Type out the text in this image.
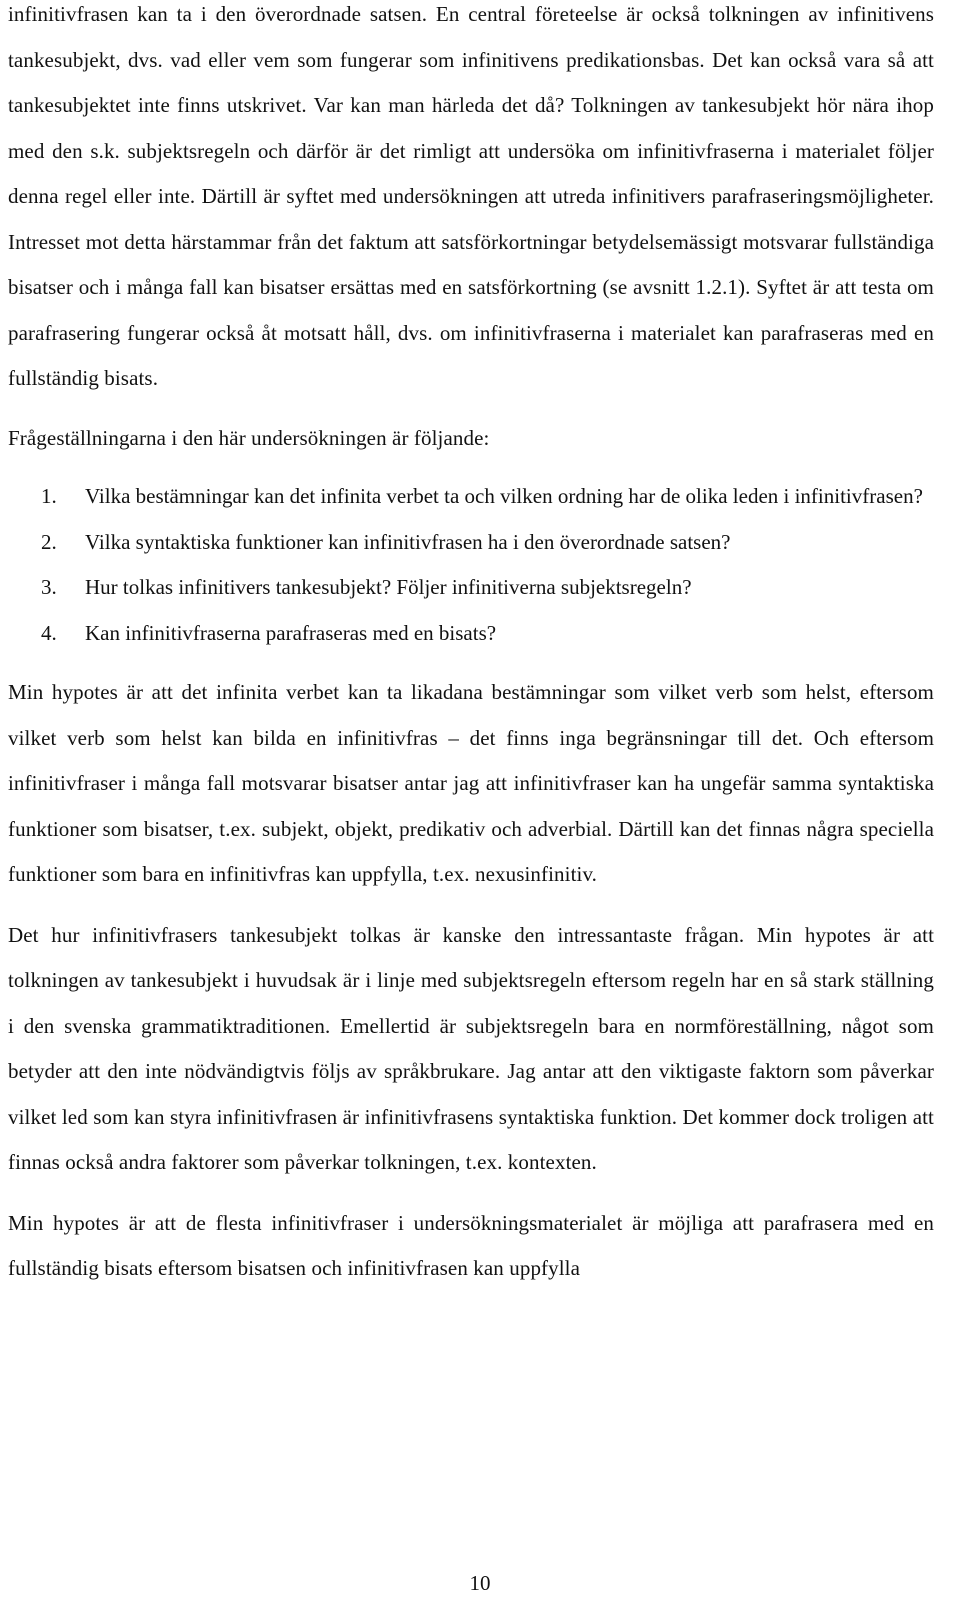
infinitivfrasen kan ta i den överordnade satsen. En central företeelse är också tolkningen av infinitivens tankesubjekt, dvs. vad eller vem som fungerar som infinitivens predikationsbas. Det kan också vara så att tankesubjektet inte finns utskrivet. Var kan man härleda det då? Tolkningen av tankesubjekt hör nära ihop med den s.k. subjektsregeln och därför är det rimligt att undersöka om infinitivfraserna i materialet följer denna regel eller inte. Därtill är syftet med undersökningen att utreda infinitivers parafraseringsmöjligheter. Intresset mot detta härstammar från det faktum att satsförkortningar betydelsemässigt motsvarar fullständiga bisatser och i många fall kan bisatser ersättas med en satsförkortning (se avsnitt 1.2.1). Syftet är att testa om parafrasering fungerar också åt motsatt håll, dvs. om infinitivfraserna i materialet kan parafraseras med en fullständig bisats.

Frågeställningarna i den här undersökningen är följande:

1. Vilka bestämningar kan det infinita verbet ta och vilken ordning har de olika leden i infinitivfrasen?
2. Vilka syntaktiska funktioner kan infinitivfrasen ha i den överordnade satsen?
3. Hur tolkas infinitivers tankesubjekt? Följer infinitiverna subjektsregeln?
4. Kan infinitivfraserna parafraseras med en bisats?

Min hypotes är att det infinita verbet kan ta likadana bestämningar som vilket verb som helst, eftersom vilket verb som helst kan bilda en infinitivfras – det finns inga begränsningar till det. Och eftersom infinitivfraser i många fall motsvarar bisatser antar jag att infinitivfraser kan ha ungefär samma syntaktiska funktioner som bisatser, t.ex. subjekt, objekt, predikativ och adverbial. Därtill kan det finnas några speciella funktioner som bara en infinitivfras kan uppfylla, t.ex. nexusinfinitiv.

Det hur infinitivfrasers tankesubjekt tolkas är kanske den intressantaste frågan. Min hypotes är att tolkningen av tankesubjekt i huvudsak är i linje med subjektsregeln eftersom regeln har en så stark ställning i den svenska grammatiktraditionen. Emellertid är subjektsregeln bara en normföreställning, något som betyder att den inte nödvändigtvis följs av språkbrukare. Jag antar att den viktigaste faktorn som påverkar vilket led som kan styra infinitivfrasen är infinitivfrasens syntaktiska funktion. Det kommer dock troligen att finnas också andra faktorer som påverkar tolkningen, t.ex. kontexten.

Min hypotes är att de flesta infinitivfraser i undersökningsmaterialet är möjliga att parafrasera med en fullständig bisats eftersom bisatsen och infinitivfrasen kan uppfylla

10
